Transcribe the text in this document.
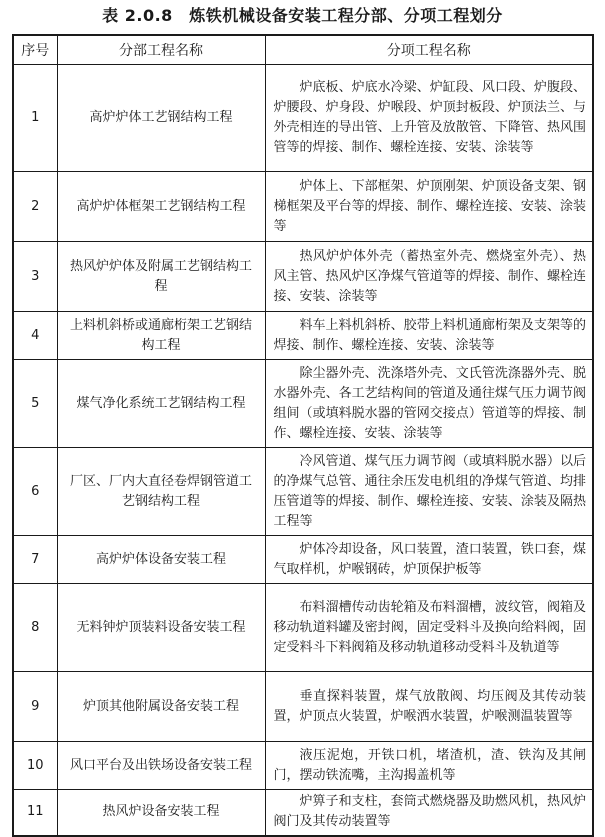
表 2.0.8　炼铁机械设备安装工程分部、分项工程划分
序号	分部工程名称	分项工程名称
1	高炉炉体工艺钢结构工程	炉底板、炉底水冷梁、炉缸段、风口段、炉腹段、炉腰段、炉身段、炉喉段、炉顶封板段、炉顶法兰、与外壳相连的导出管、上升管及放散管、下降管、热风围管等的焊接、制作、螺栓连接、安装、涂装等
2	高炉炉体框架工艺钢结构工程	炉体上、下部框架、炉顶刚架、炉顶设备支架、钢梯框架及平台等的焊接、制作、螺栓连接、安装、涂装等
3	热风炉炉体及附属工艺钢结构工程	热风炉炉体外壳（蓄热室外壳、燃烧室外壳）、热风主管、热风炉区净煤气管道等的焊接、制作、螺栓连接、安装、涂装等
4	上料机斜桥或通廊桁架工艺钢结构工程	料车上料机斜桥、胶带上料机通廊桁架及支架等的焊接、制作、螺栓连接、安装、涂装等
5	煤气净化系统工艺钢结构工程	除尘器外壳、洗涤塔外壳、文氏管洗涤器外壳、脱水器外壳、各工艺结构间的管道及通往煤气压力调节阀组间（或填料脱水器的管网交接点）管道等的焊接、制作、螺栓连接、安装、涂装等
6	厂区、厂内大直径卷焊钢管道工艺钢结构工程	冷风管道、煤气压力调节阀（或填料脱水器）以后的净煤气总管、通往余压发电机组的净煤气管道、均排压管道等的焊接、制作、螺栓连接、安装、涂装及隔热工程等
7	高炉炉体设备安装工程	炉体冷却设备，风口装置，渣口装置，铁口套，煤气取样机，炉喉钢砖，炉顶保护板等
8	无料钟炉顶装料设备安装工程	布料溜槽传动齿轮箱及布料溜槽，波纹管，阀箱及移动轨道料罐及密封阀，固定受料斗及换向给料阀，固定受料斗下料阀箱及移动轨道移动受料斗及轨道等
9	炉顶其他附属设备安装工程	垂直探料装置，煤气放散阀、均压阀及其传动装置，炉顶点火装置，炉喉洒水装置，炉喉测温装置等
10	风口平台及出铁场设备安装工程	液压泥炮，开铁口机，堵渣机，渣、铁沟及其闸门，摆动铁流嘴，主沟揭盖机等
11	热风炉设备安装工程	炉箅子和支柱，套筒式燃烧器及助燃风机，热风炉阀门及其传动装置等
